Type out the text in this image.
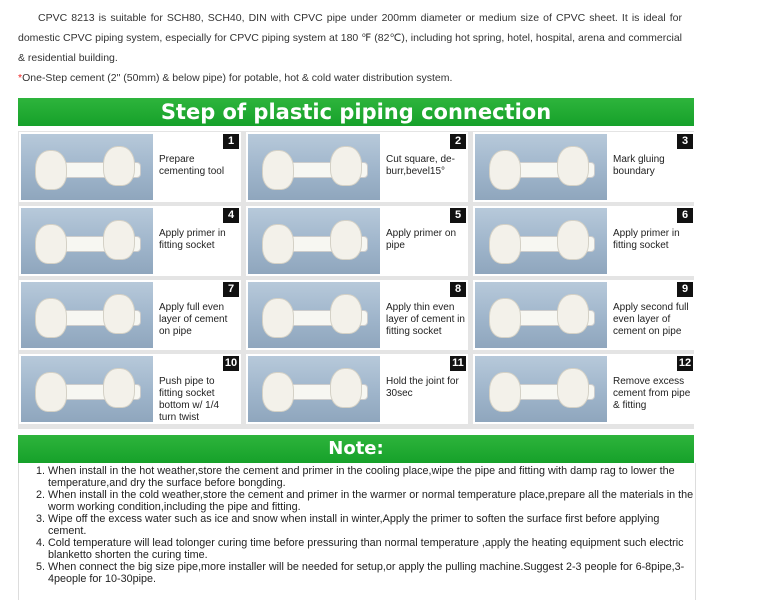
CPVC 8213 is suitable for SCH80, SCH40, DIN with CPVC pipe under 200mm diameter or medium size of CPVC sheet. It is ideal for domestic CPVC piping system, especially for CPVC piping system at 180 ℉ (82℃), including hot spring, hotel, hospital, arena and commercial & residential building.

*One-Step cement (2" (50mm) & below pipe) for potable, hot & cold water distribution system.

Step of plastic piping connection
1
Prepare cementing tool
2
Cut square, de-burr,bevel15°
3
Mark gluing boundary
4
Apply primer in fitting socket
5
Apply primer on pipe
6
Apply primer in fitting socket
7
Apply full even layer of cement on pipe
8
Apply thin even layer of cement in fitting socket
9
Apply second full even layer of cement on pipe
10
Push pipe to fitting socket bottom w/ 1/4 turn twist
11
Hold the joint for 30sec
12
Remove excess cement from pipe & fitting
Note:
1. When install in the hot weather,store the cement and primer in the cooling place,wipe the pipe and fitting with damp rag to lower the temperature,and dry the surface before bongding.
2. When install in the cold weather,store the cement and primer in the warmer or normal temperature place,prepare all the materials in the worm working condition,including the pipe and fitting.
3. Wipe off the excess water such as ice and snow when install in winter,Apply the primer to soften the surface first before applying cement.
4. Cold temperature will lead tolonger curing time before pressuring than normal temperature ,apply the heating equipment such electric blanketto shorten the curing time.
5. When connect the big size pipe,more installer will be needed for setup,or apply the pulling machine.Suggest 2-3 people for 6-8pipe,3-4people for 10-30pipe.
